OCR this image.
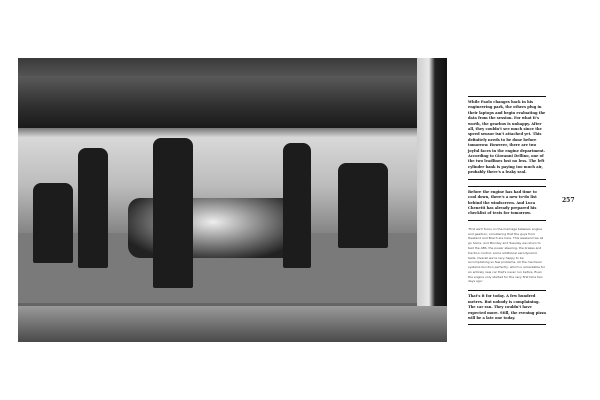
While Paolo changes back in his engineering park, the others plug in their laptops and begin evaluating the data from the session. For what it's worth, the gearbox is unhappy. After all, they couldn't see much since the speed sensor isn't attached yet. This definitely needs to be done before tomorrow. However, there are two joyful faces in the engine department. According to Giovanni Dellino, one of the two leadlines lost no less. The left cylinder bank is paying too much air, probably there's a leaky seal.
Before the engine has had time to cool down, there's a new to-do list behind the windscreen. And Luca Chenetti has already prepared his checklist of tests for tomorrow.
'First we'll focus on the marriage between engine and gearbox, considering that the guys from Hewland and Bosch are here. This weekend we all go home, and Monday and Tuesday we return to test the ABS, the power steering, the brakes and traction control, some additional aerodynamic tests. Overall we're very happy to be accomplishing so few problems. All the mechanic systems function perfectly, which is remarkable for an entirely new car that's never run before. Even the engine only started for the very first time two days ago.'
That's it for today. A few hundred metres. But nobody is complaining. The car ran. They couldn't have expected more. Still, the evening pizza will be a late one today.
257
